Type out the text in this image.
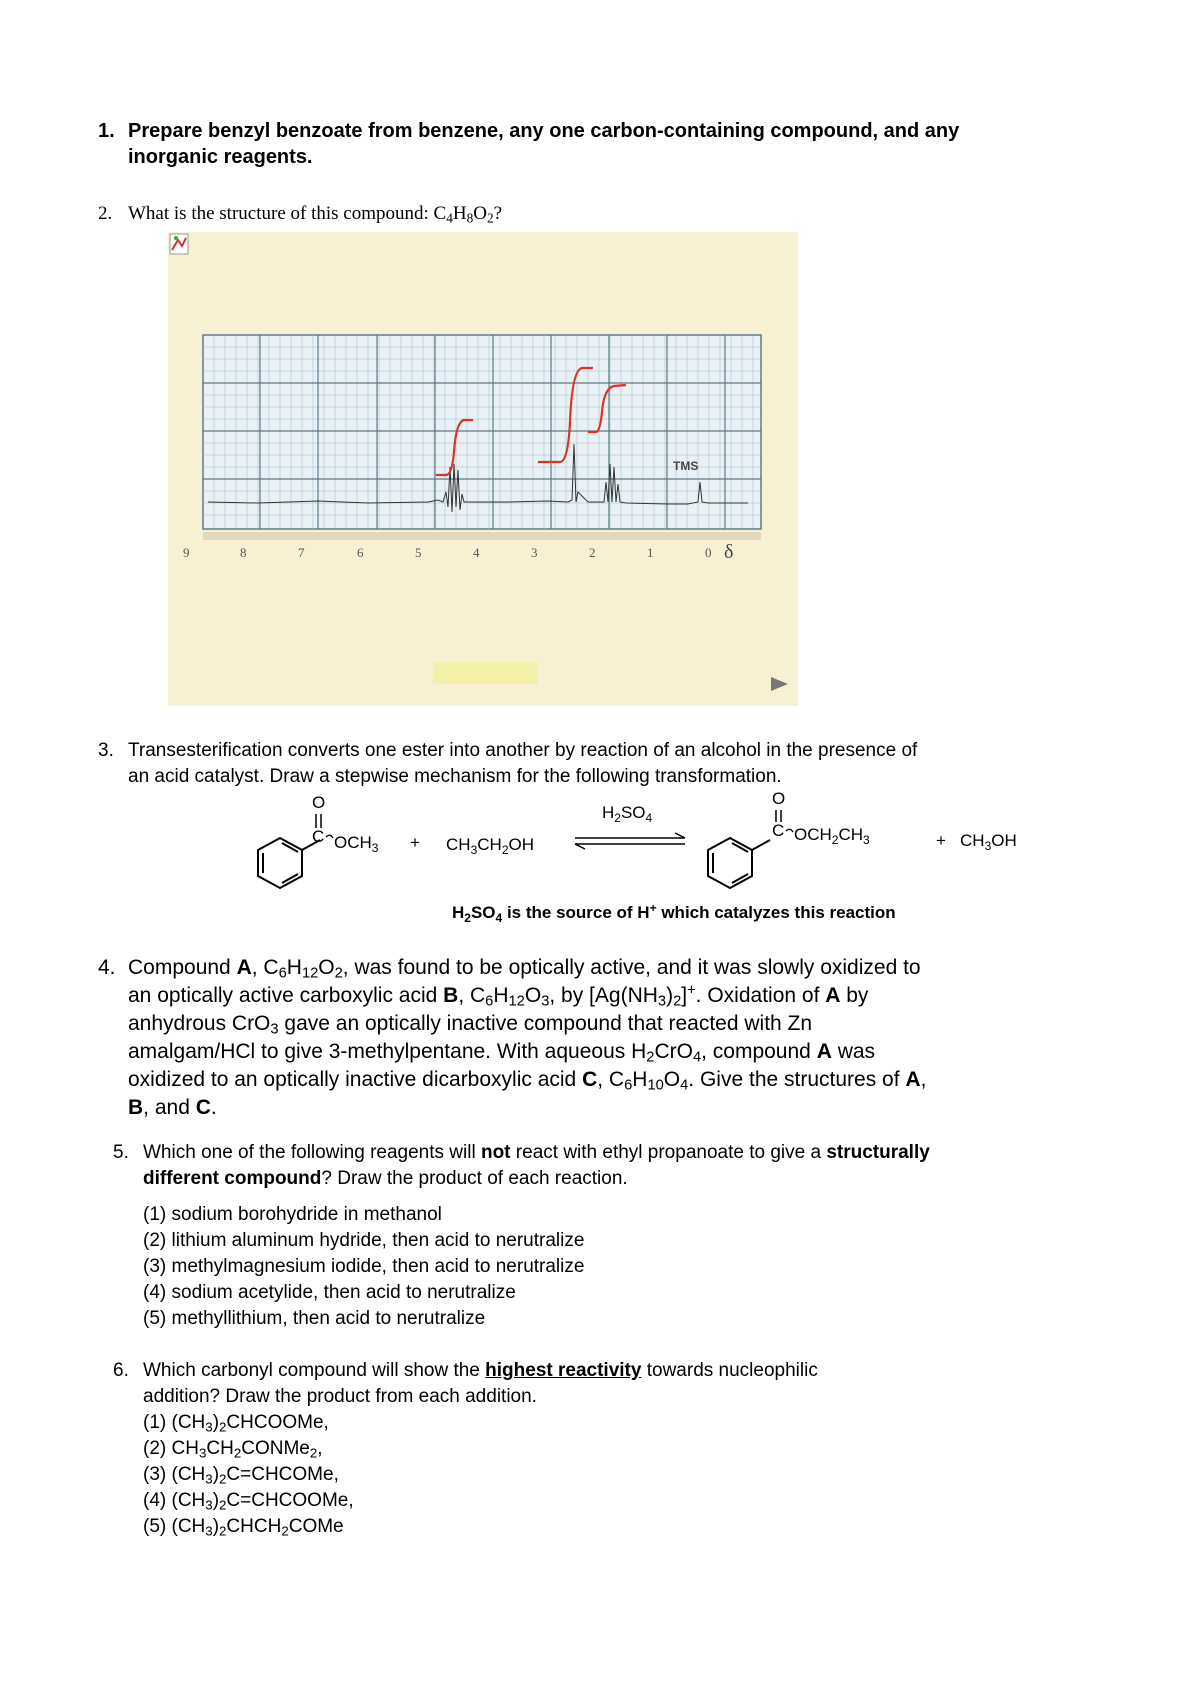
1. Prepare benzyl benzoate from benzene, any one carbon-containing compound, and any
inorganic reagents.
2. What is the structure of this compound: $C_4H_8O_2$?
TMS
9	8	7	6	5	4	3	2	1	0 δ
3. Transesterification converts one ester into another by reaction of an alcohol in the presence of
an acid catalyst. Draw a stepwise mechanism for the following transformation.
O
C $OCH_3 + CH_3CH_2OH$
$H_2SO_4$
O
C $OCH_2CH_3$	+ $CH_3OH$
$H_2SO_4$ is the source of H+ which catalyzes this reaction
4. Compound A, $C_6H_{12}O_2$, was found to be optically active, and it was slowly oxidized to
an optically active carboxylic acid B, $C_6H_{12}O_3$, by $[Ag(NH_3)_2]^+$. Oxidation of A by
anhydrous CrO$_3$ gave an optically inactive compound that reacted with Zn
amalgam/HCl to give 3-methylpentane. With aqueous $H_2CrO_4$, compound A was
oxidized to an optically inactive dicarboxylic acid C, $C_6H_{10}O_4$. Give the structures of A,
B, and C.
5. Which one of the following reagents will not react with ethyl propanoate to give a structurally
different compound? Draw the product of each reaction.
(1) sodium borohydride in methanol
(2) lithium aluminum hydride, then acid to nerutralize
(3) methylmagnesium iodide, then acid to nerutralize
(4) sodium acetylide, then acid to nerutralize
(5) methyllithium, then acid to nerutralize
6. Which carbonyl compound will show the highest reactivity towards nucleophilic
addition? Draw the product from each addition.
(1) $(CH_3)_2CHCOOMe$,
(2) $CH_3CH_2CONMe_2$,
(3) $(CH_3)_2C=CHCOMe$,
(4) $(CH_3)_2C=CHCOOMe$,
(5) $(CH_3)_2CHCH_2COMe$
